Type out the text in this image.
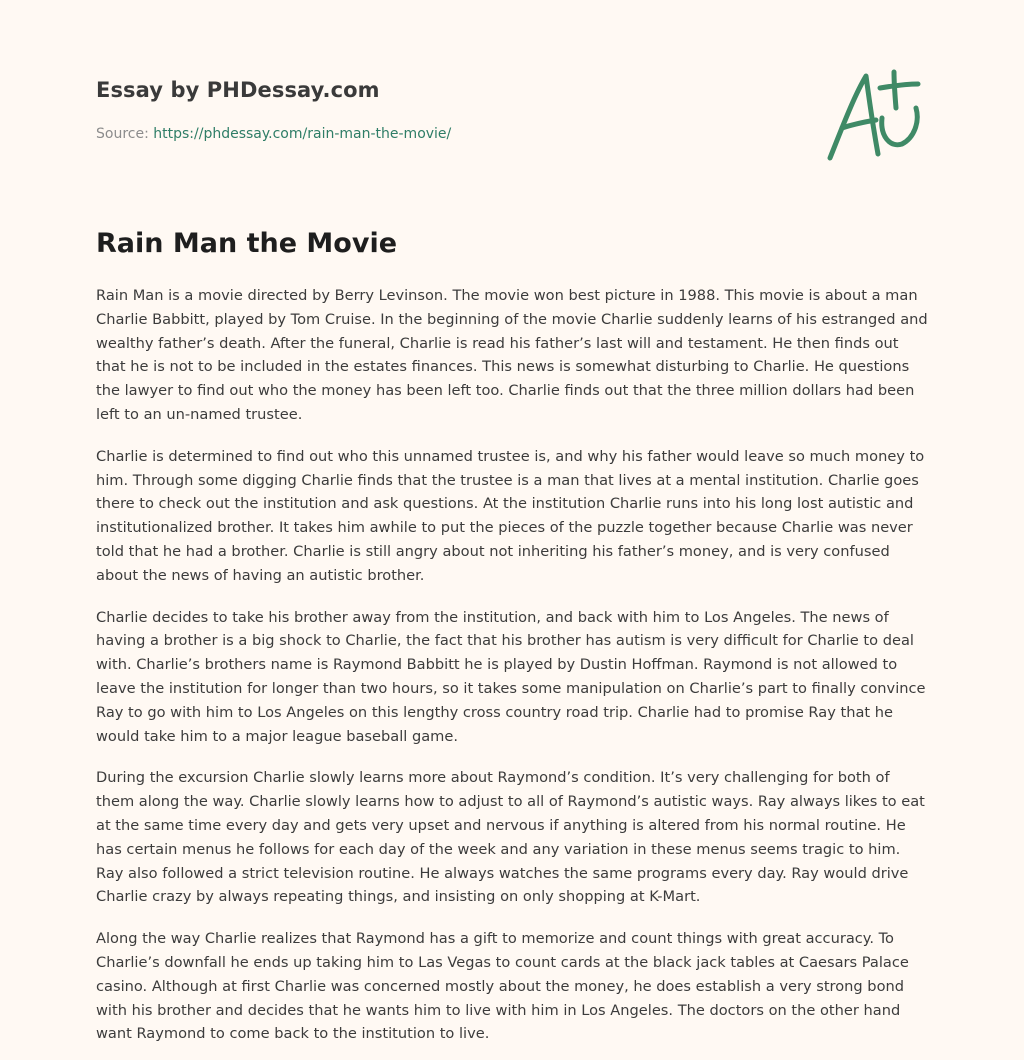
Essay by PHDessay.com
Source: https://phdessay.com/rain-man-the-movie/
Rain Man the Movie

Rain Man is a movie directed by Berry Levinson. The movie won best picture in 1988. This movie is about a man Charlie Babbitt, played by Tom Cruise. In the beginning of the movie Charlie suddenly learns of his estranged and wealthy father’s death. After the funeral, Charlie is read his father’s last will and testament. He then finds out that he is not to be included in the estates finances. This news is somewhat disturbing to Charlie. He questions the lawyer to find out who the money has been left too. Charlie finds out that the three million dollars had been left to an un-named trustee.

Charlie is determined to find out who this unnamed trustee is, and why his father would leave so much money to him. Through some digging Charlie finds that the trustee is a man that lives at a mental institution. Charlie goes there to check out the institution and ask questions. At the institution Charlie runs into his long lost autistic and institutionalized brother. It takes him awhile to put the pieces of the puzzle together because Charlie was never told that he had a brother. Charlie is still angry about not inheriting his father’s money, and is very confused about the news of having an autistic brother.

Charlie decides to take his brother away from the institution, and back with him to Los Angeles. The news of having a brother is a big shock to Charlie, the fact that his brother has autism is very difficult for Charlie to deal with. Charlie’s brothers name is Raymond Babbitt he is played by Dustin Hoffman. Raymond is not allowed to leave the institution for longer than two hours, so it takes some manipulation on Charlie’s part to finally convince Ray to go with him to Los Angeles on this lengthy cross country road trip. Charlie had to promise Ray that he would take him to a major league baseball game.

During the excursion Charlie slowly learns more about Raymond’s condition. It’s very challenging for both of them along the way. Charlie slowly learns how to adjust to all of Raymond’s autistic ways. Ray always likes to eat at the same time every day and gets very upset and nervous if anything is altered from his normal routine. He has certain menus he follows for each day of the week and any variation in these menus seems tragic to him. Ray also followed a strict television routine. He always watches the same programs every day. Ray would drive Charlie crazy by always repeating things, and insisting on only shopping at K-Mart.

Along the way Charlie realizes that Raymond has a gift to memorize and count things with great accuracy. To Charlie’s downfall he ends up taking him to Las Vegas to count cards at the black jack tables at Caesars Palace casino. Although at first Charlie was concerned mostly about the money, he does establish a very strong bond with his brother and decides that he wants him to live with him in Los Angeles. The doctors on the other hand want Raymond to come back to the institution to live.
